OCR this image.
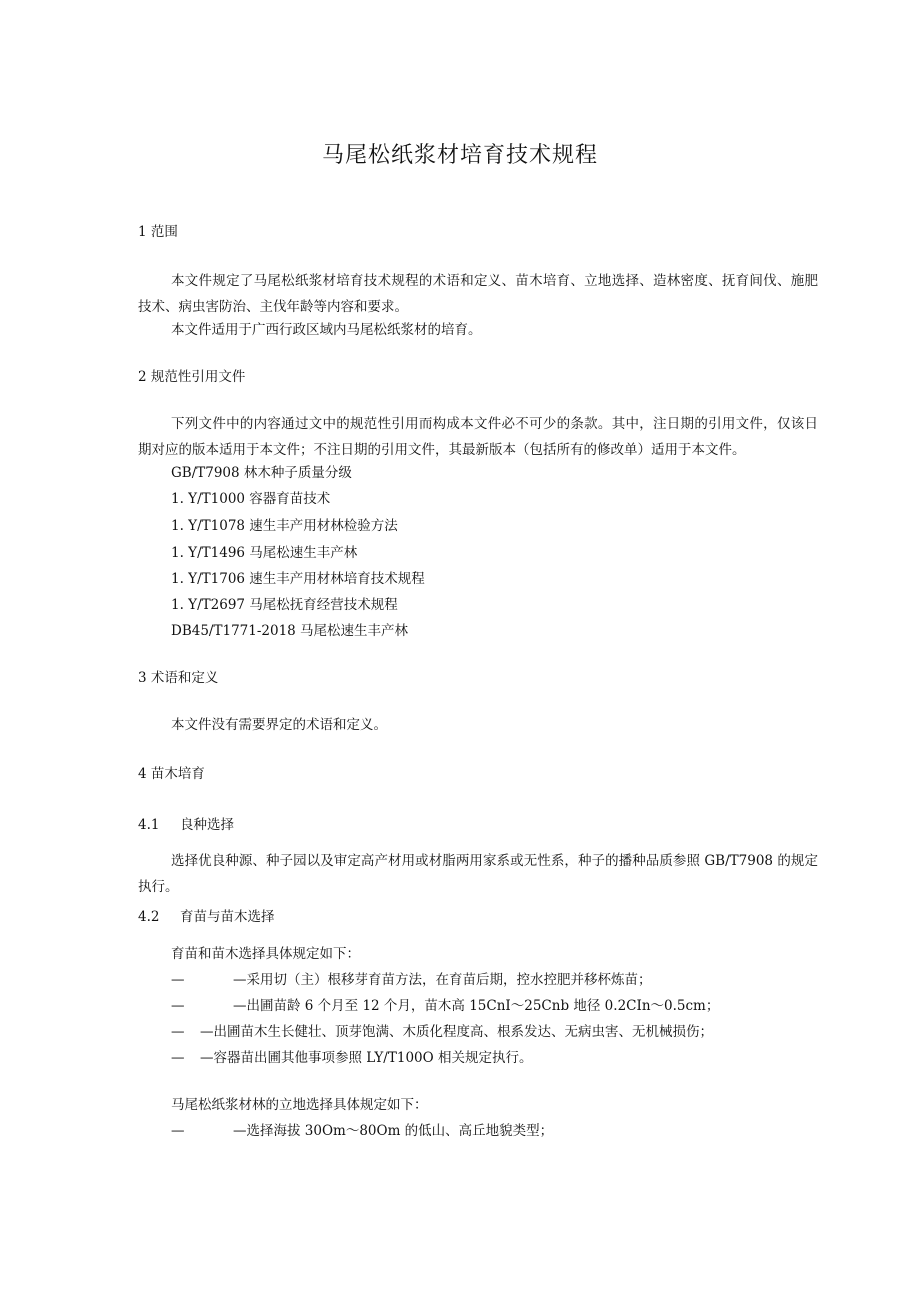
马尾松纸浆材培育技术规程

1 范围

本文件规定了马尾松纸浆材培育技术规程的术语和定义、苗木培育、立地选择、造林密度、抚育间伐、施肥技术、病虫害防治、主伐年龄等内容和要求。

本文件适用于广西行政区域内马尾松纸浆材的培育。

2 规范性引用文件

下列文件中的内容通过文中的规范性引用而构成本文件必不可少的条款。其中，注日期的引用文件，仅该日期对应的版本适用于本文件；不注日期的引用文件，其最新版本（包括所有的修改单）适用于本文件。

GB/T7908 林木种子质量分级

1. Y/T1000 容器育苗技术

1. Y/T1078 速生丰产用材林检验方法

1. Y/T1496 马尾松速生丰产林

1. Y/T1706 速生丰产用材林培育技术规程

1. Y/T2697 马尾松抚育经营技术规程

DB45/T1771-2018 马尾松速生丰产林

3 术语和定义

本文件没有需要界定的术语和定义。

4 苗木培育

4.1 良种选择

选择优良种源、种子园以及审定高产材用或材脂两用家系或无性系，种子的播种品质参照 GB/T7908 的规定执行。

4.2 育苗与苗木选择

育苗和苗木选择具体规定如下：

—	—采用切（主）根移芽育苗方法，在育苗后期，控水控肥并移杯炼苗；

—	—出圃苗龄 6 个月至 12 个月，苗木高 15CnI～25Cnb 地径 0.2CIn～0.5cm；

— —出圃苗木生长健壮、顶芽饱满、木质化程度高、根系发达、无病虫害、无机械损伤；

— —容器苗出圃其他事项参照 LY/T100O 相关规定执行。

马尾松纸浆材林的立地选择具体规定如下：

—	—选择海拔 30Om～80Om 的低山、高丘地貌类型；
